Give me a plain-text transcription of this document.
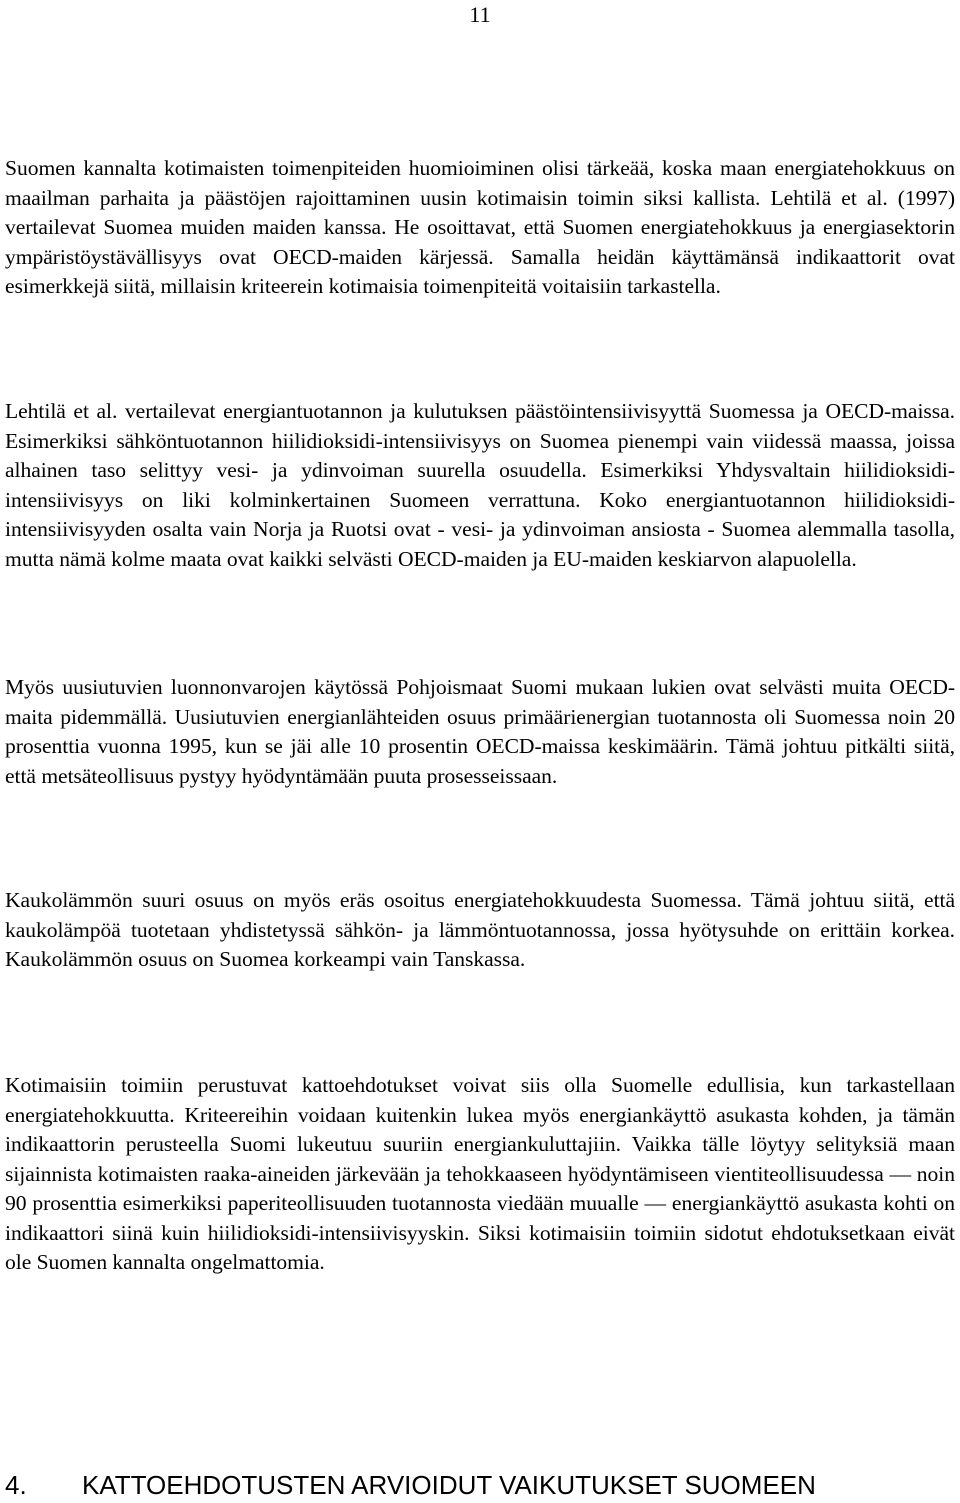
11

Suomen kannalta kotimaisten toimenpiteiden huomioiminen olisi tärkeää, koska maan energiatehokkuus on maailman parhaita ja päästöjen rajoittaminen uusin kotimaisin toimin siksi kallista. Lehtilä et al. (1997) vertailevat Suomea muiden maiden kanssa. He osoittavat, että Suomen energiatehokkuus ja energiasektorin ympäristöystävällisyys ovat OECD-​maiden kärjessä. Samalla heidän käyttämänsä indikaattorit ovat esimerkkejä siitä, millaisin kriteerein kotimaisia toimenpiteitä voitaisiin tarkastella.

Lehtilä et al. vertailevat energiantuotannon ja kulutuksen päästöintensiivisyyttä Suomessa ja OECD-maissa. Esimerkiksi sähköntuotannon hiilidioksidi-intensiivisyys on Suomea pienempi vain viidessä maassa, joissa alhainen taso selittyy vesi- ja ydinvoiman suurella osuudella. Esimerkiksi Yhdysvaltain hiilidioksidi-intensiivisyys on liki kolminkertainen Suomeen verrattuna. Koko energiantuotannon hiilidioksidi-intensiivisyyden osalta vain Norja ja Ruotsi ovat - vesi- ja ydinvoiman ansiosta - Suomea alemmalla tasolla, mutta nämä kolme maata ovat kaikki selvästi OECD-maiden ja EU-maiden keskiarvon alapuolella.

Myös uusiutuvien luonnonvarojen käytössä Pohjoismaat Suomi mukaan lukien ovat selvästi muita OECD-maita pidemmällä. Uusiutuvien energianlähteiden osuus primäärienergian tuotannosta oli Suomessa noin 20 prosenttia vuonna 1995, kun se jäi alle 10 prosentin OECD-maissa keskimäärin. Tämä johtuu pitkälti siitä, että metsäteollisuus pystyy hyödyntämään puuta prosesseissaan.

Kaukolämmön suuri osuus on myös eräs osoitus energiatehokkuudesta Suomessa. Tämä johtuu siitä, että kaukolämpöä tuotetaan yhdistetyssä sähkön- ja lämmöntuotannossa, jossa hyötysuhde on erittäin korkea. Kaukolämmön osuus on Suomea korkeampi vain Tanskassa.

Kotimaisiin toimiin perustuvat kattoehdotukset voivat siis olla Suomelle edullisia, kun tarkastellaan energiatehokkuutta. Kriteereihin voidaan kuitenkin lukea myös energiankäyttö asukasta kohden, ja tämän indikaattorin perusteella Suomi lukeutuu suuriin energiankuluttajiin. Vaikka tälle löytyy selityksiä maan sijainnista kotimaisten raaka-aineiden järkevään ja tehokkaaseen hyödyntämiseen vientiteollisuudessa — noin 90 prosenttia esimerkiksi paperiteollisuuden tuotannosta viedään muualle — energiankäyttö asukasta kohti on indikaattori siinä kuin hiilidioksidi-intensiivisyyskin. Siksi kotimaisiin toimiin sidotut ehdotuksetkaan eivät ole Suomen kannalta ongelmattomia.

4. KATTOEHDOTUSTEN ARVIOIDUT VAIKUTUKSET SUOMEEN
